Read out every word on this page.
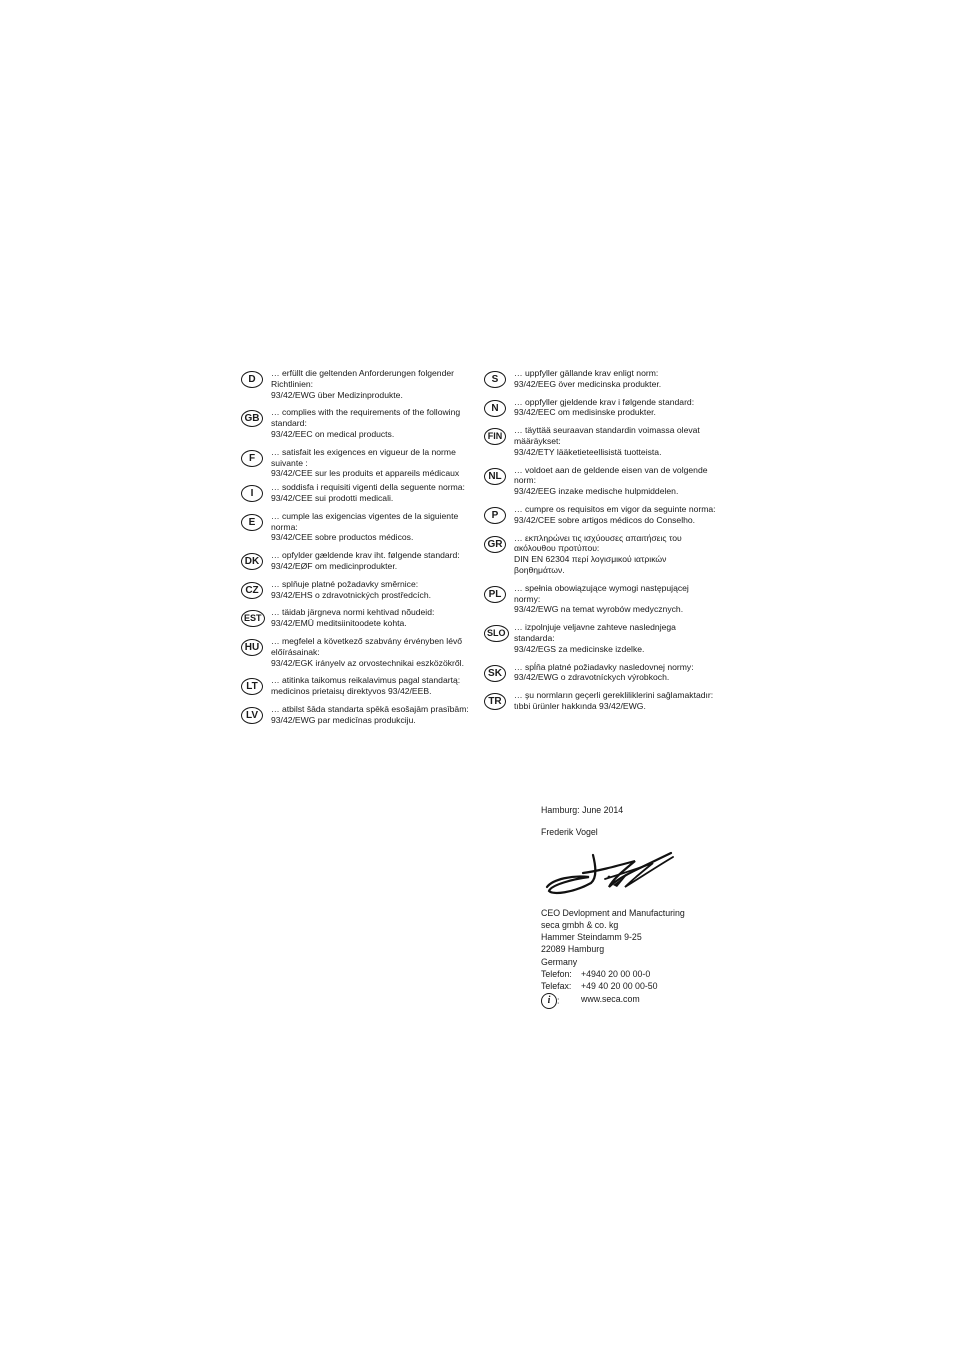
D
… erfüllt die geltenden Anforderungen folgender Richtlinien:
93/42/EWG über Medizinprodukte.
GB
… complies with the requirements of the following standard:
93/42/EEC on medical products.
F
… satisfait les exigences en vigueur de la norme suivante :
93/42/CEE sur les produits et appareils médicaux
I
… soddisfa i requisiti vigenti della seguente norma:
93/42/CEE sui prodotti medicali.
E
… cumple las exigencias vigentes de la siguiente norma:
93/42/CEE sobre productos médicos.
DK
… opfylder gældende krav iht. følgende standard:
93/42/EØF om medicinprodukter.
CZ
… splňuje platné požadavky směrnice:
93/42/EHS o zdravotnických prostředcích.
EST
… täidab järgneva normi kehtivad nõudeid:
93/42/EMÜ meditsiinitoodete kohta.
HU
… megfelel a következő szabvány érvényben lévő előírásainak:
93/42/EGK irányelv az orvostechnikai eszközökről.
LT
… atitinka taikomus reikalavimus pagal standartą:
medicinos prietaisų direktyvos 93/42/EEB.
LV
… atbilst šāda standarta spēkā esošajām prasībām:
93/42/EWG par medicīnas produkciju.
S
… uppfyller gällande krav enligt norm:
93/42/EEG över medicinska produkter.
N
… oppfyller gjeldende krav i følgende standard:
93/42/EEC om medisinske produkter.
FIN
… täyttää seuraavan standardin voimassa olevat määräykset:
93/42/ETY lääketieteellisistä tuotteista.
NL
… voldoet aan de geldende eisen van de volgende norm:
93/42/EEG inzake medische hulpmiddelen.
P
… cumpre os requisitos em vigor da seguinte norma:
93/42/CEE sobre artigos médicos do Conselho.
GR
… εκπληρώνει τις ισχύουσες απαιτήσεις του ακόλουθου προτύπου:
DIN EN 62304 περί λογισμικού ιατρικών βοηθημάτων.
PL
… spełnia obowiązujące wymogi następującej normy:
93/42/EWG na temat wyrobów medycznych.
SLO
… izpolnjuje veljavne zahteve naslednjega standarda:
93/42/EGS za medicinske izdelke.
SK
… spĺňa platné požiadavky nasledovnej normy:
93/42/EWG o zdravotníckych výrobkoch.
TR
… şu normların geçerli gerekliliklerini sağlamaktadır:
tıbbi ürünler hakkında 93/42/EWG.
Hamburg: June 2014
Frederik Vogel
CEO Devlopment and Manufacturing
seca gmbh & co. kg
Hammer Steindamm 9-25
22089 Hamburg
Germany
Telefon:	+4940 20 00 00-0
Telefax:	+49 40 20 00 00-50
i :	www.seca.com
